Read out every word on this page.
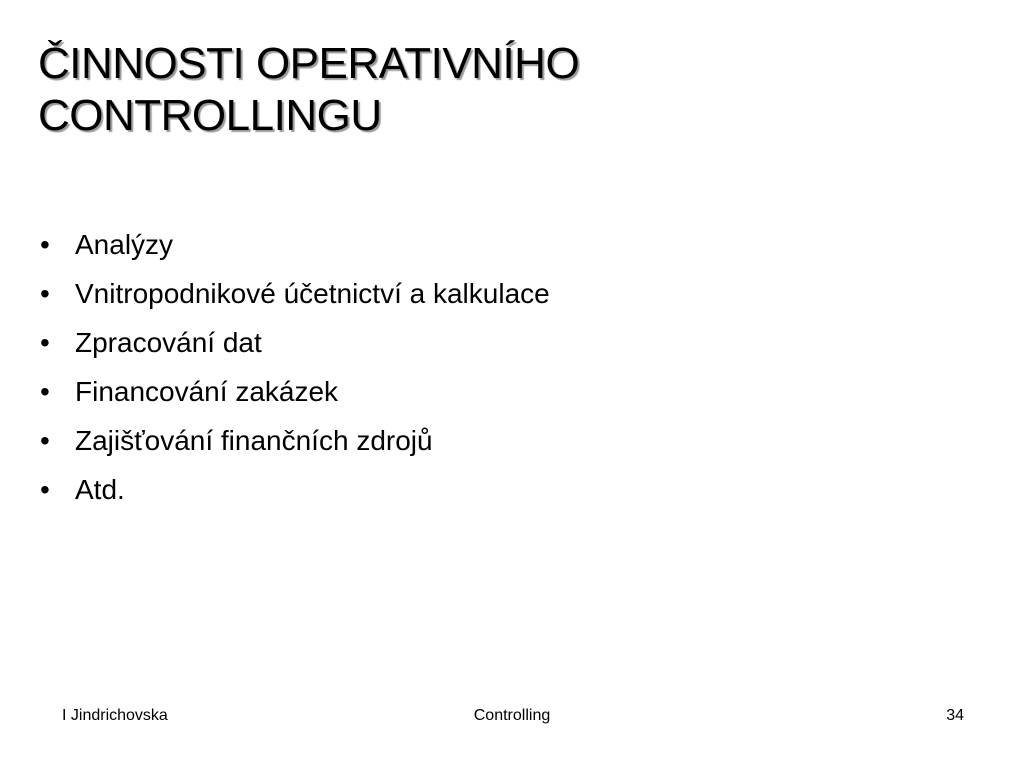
ČINNOSTI OPERATIVNÍHO
CONTROLLINGU
• Analýzy
• Vnitropodnikové účetnictví a kalkulace
• Zpracování dat
• Financování zakázek
• Zajišťování finančních zdrojů
• Atd.
I Jindrichovska	Controlling	34
